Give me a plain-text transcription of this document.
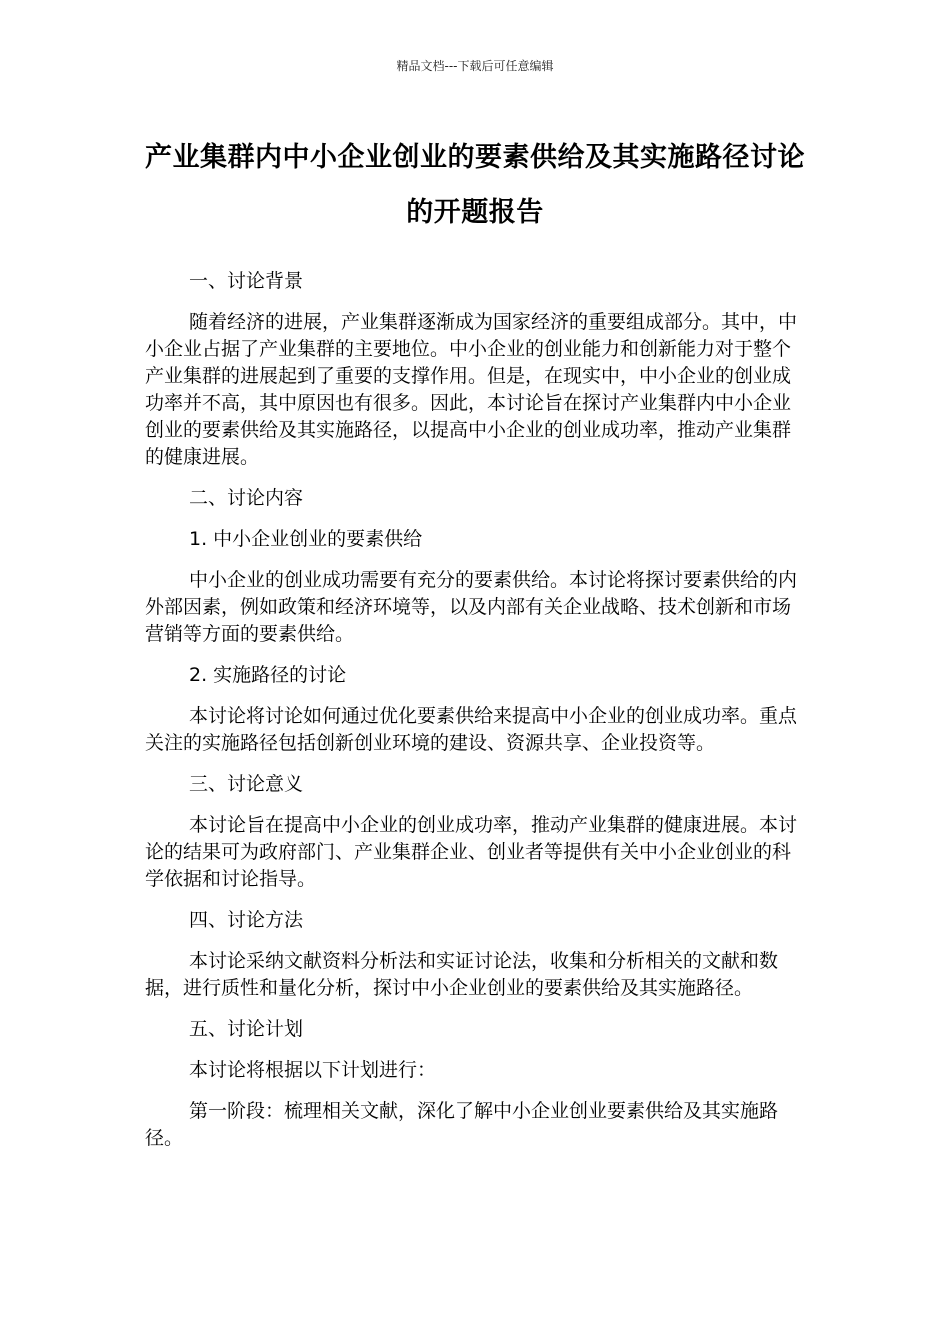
精品文档---下载后可任意编辑
产业集群内中小企业创业的要素供给及其实施路径讨论的开题报告

一、讨论背景

随着经济的进展，产业集群逐渐成为国家经济的重要组成部分。其中，中小企业占据了产业集群的主要地位。中小企业的创业能力和创新能力对于整个产业集群的进展起到了重要的支撑作用。但是，在现实中，中小企业的创业成功率并不高，其中原因也有很多。因此，本讨论旨在探讨产业集群内中小企业创业的要素供给及其实施路径，以提高中小企业的创业成功率，推动产业集群的健康进展。

二、讨论内容

1. 中小企业创业的要素供给

中小企业的创业成功需要有充分的要素供给。本讨论将探讨要素供给的内外部因素，例如政策和经济环境等，以及内部有关企业战略、技术创新和市场营销等方面的要素供给。

2. 实施路径的讨论

本讨论将讨论如何通过优化要素供给来提高中小企业的创业成功率。重点关注的实施路径包括创新创业环境的建设、资源共享、企业投资等。

三、讨论意义

本讨论旨在提高中小企业的创业成功率，推动产业集群的健康进展。本讨论的结果可为政府部门、产业集群企业、创业者等提供有关中小企业创业的科学依据和讨论指导。

四、讨论方法

本讨论采纳文献资料分析法和实证讨论法，收集和分析相关的文献和数据，进行质性和量化分析，探讨中小企业创业的要素供给及其实施路径。

五、讨论计划

本讨论将根据以下计划进行：

第一阶段：梳理相关文献，深化了解中小企业创业要素供给及其实施路径。
